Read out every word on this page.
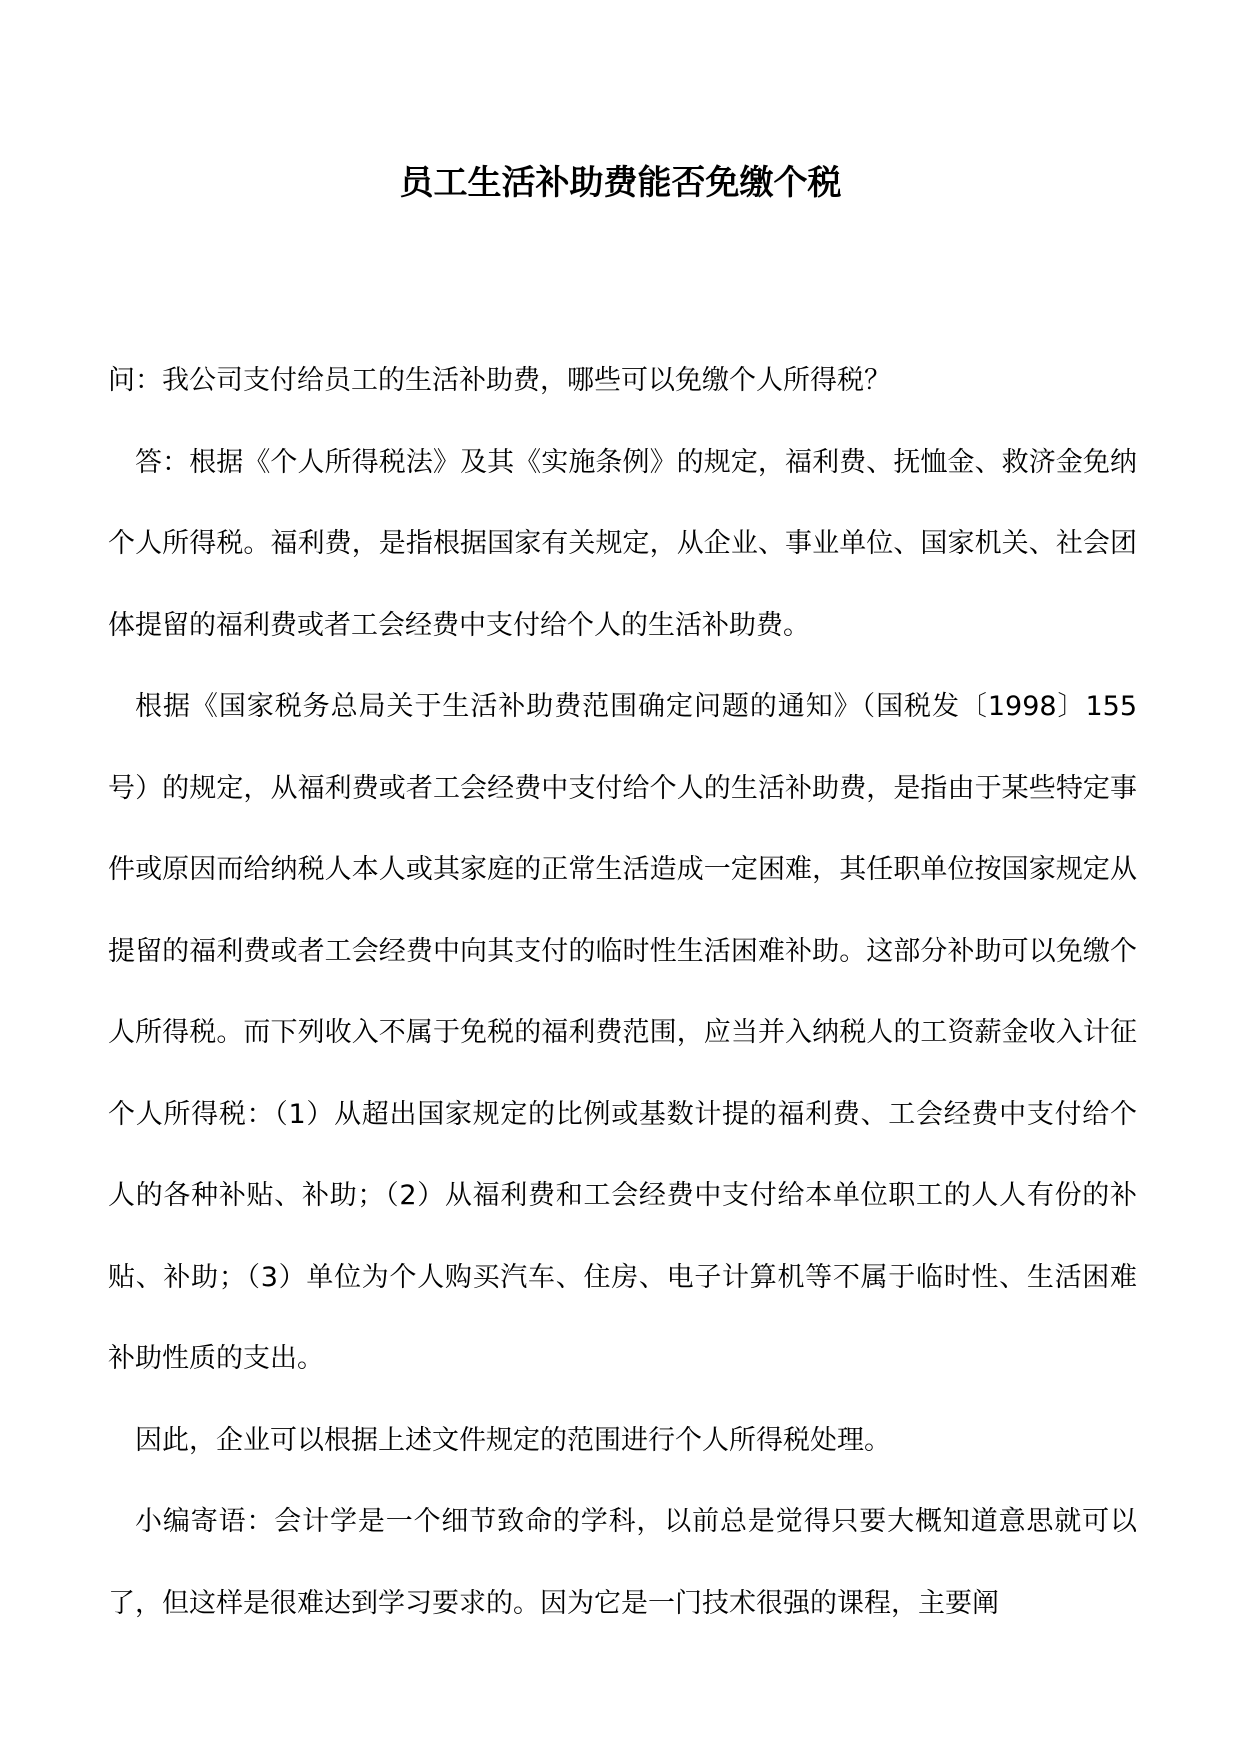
员工生活补助费能否免缴个税

问：我公司支付给员工的生活补助费，哪些可以免缴个人所得税？

答：根据《个人所得税法》及其《实施条例》的规定，福利费、抚恤金、救济金免纳个人所得税。福利费，是指根据国家有关规定，从企业、事业单位、国家机关、社会团体提留的福利费或者工会经费中支付给个人的生活补助费。

根据《国家税务总局关于生活补助费范围确定问题的通知》（国税发〔1998〕155号）的规定，从福利费或者工会经费中支付给个人的生活补助费，是指由于某些特定事件或原因而给纳税人本人或其家庭的正常生活造成一定困难，其任职单位按国家规定从提留的福利费或者工会经费中向其支付的临时性生活困难补助。这部分补助可以免缴个人所得税。而下列收入不属于免税的福利费范围，应当并入纳税人的工资薪金收入计征个人所得税：（1）从超出国家规定的比例或基数计提的福利费、工会经费中支付给个人的各种补贴、补助；（2）从福利费和工会经费中支付给本单位职工的人人有份的补贴、补助；（3）单位为个人购买汽车、住房、电子计算机等不属于临时性、生活困难补助性质的支出。

因此，企业可以根据上述文件规定的范围进行个人所得税处理。

小编寄语：会计学是一个细节致命的学科，以前总是觉得只要大概知道意思就可以了，但这样是很难达到学习要求的。因为它是一门技术很强的课程，主要阐
